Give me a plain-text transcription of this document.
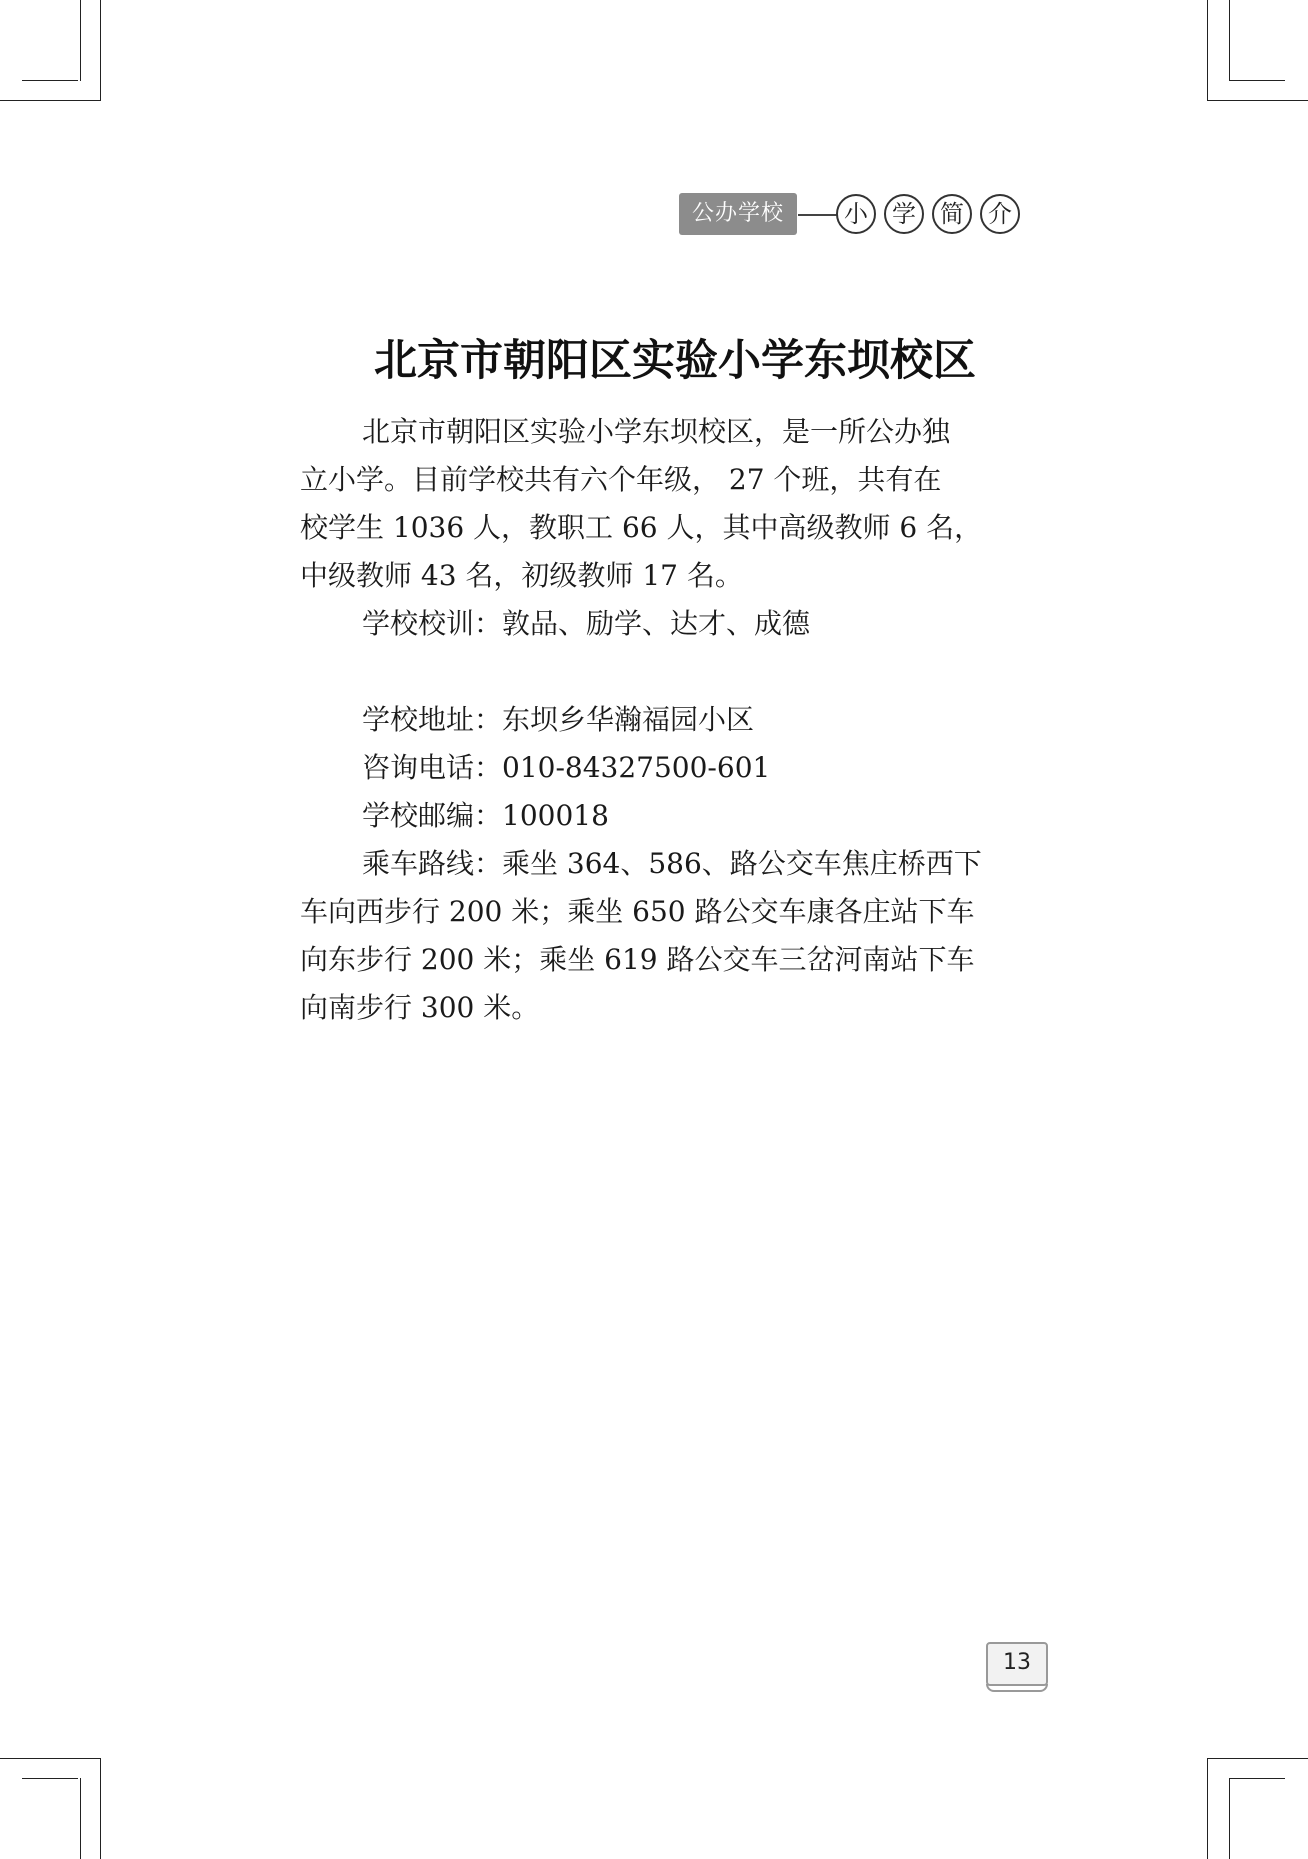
公办学校	小	学	简	介
北京市朝阳区实验小学东坝校区

北京市朝阳区实验小学东坝校区，是一所公办独

立小学。目前学校共有六个年级， 27 个班，共有在

校学生 1036 人，教职工 66 人，其中高级教师 6 名，

中级教师 43 名，初级教师 17 名。

学校校训：敦品、励学、达才、成德

学校地址：东坝乡华瀚福园小区

咨询电话：010-84327500-601

学校邮编：100018

乘车路线：乘坐 364、586、路公交车焦庄桥西下

车向西步行 200 米；乘坐 650 路公交车康各庄站下车

向东步行 200 米；乘坐 619 路公交车三岔河南站下车

向南步行 300 米。

13
